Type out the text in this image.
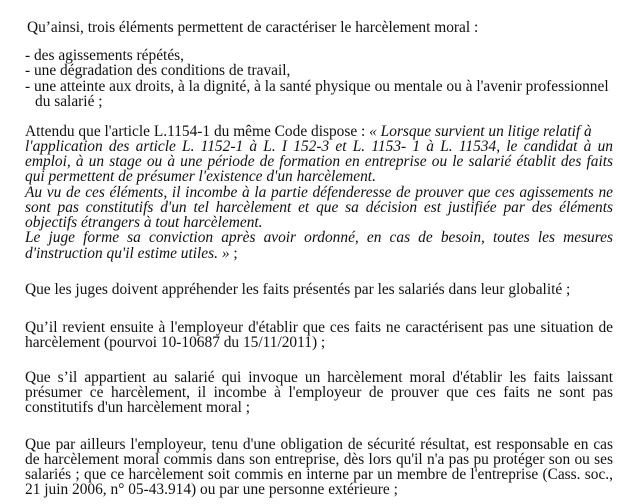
Qu’ainsi, trois éléments permettent de caractériser le harcèlement moral :
- des agissements répétés,
- une dégradation des conditions de travail,
- une atteinte aux droits, à la dignité, à la santé physique ou mentale ou à l'avenir professionnel
du salarié ;
Attendu que l'article L.1154-1 du même Code dispose : « Lorsque survient un litige relatif à
l'application des article L. 1152-1 à L. I 152-3 et L. 1153- 1 à L. 11534, le candidat à un
emploi, à un stage ou à une période de formation en entreprise ou le salarié établit des faits
qui permettent de présumer l'existence d'un harcèlement.
Au vu de ces éléments, il incombe à la partie défenderesse de prouver que ces agissements ne
sont pas constitutifs d'un tel harcèlement et que sa décision est justifiée par des éléments
objectifs étrangers à tout harcèlement.
Le juge forme sa conviction après avoir ordonné, en cas de besoin, toutes les mesures
d'instruction qu'il estime utiles. » ;
Que les juges doivent appréhender les faits présentés par les salariés dans leur globalité ;
Qu’il revient ensuite à l'employeur d'établir que ces faits ne caractérisent pas une situation de
harcèlement (pourvoi 10-10687 du 15/11/2011) ;
Que s’il appartient au salarié qui invoque un harcèlement moral d'établir les faits laissant
présumer ce harcèlement, il incombe à l'employeur de prouver que ces faits ne sont pas
constitutifs d'un harcèlement moral ;
Que par ailleurs l'employeur, tenu d'une obligation de sécurité résultat, est responsable en cas
de harcèlement moral commis dans son entreprise, dès lors qu'il n'a pas pu protéger son ou ses
salariés ; que ce harcèlement soit commis en interne par un membre de l'entreprise (Cass. soc.,
21 juin 2006, n° 05-43.914) ou par une personne extérieure ;
